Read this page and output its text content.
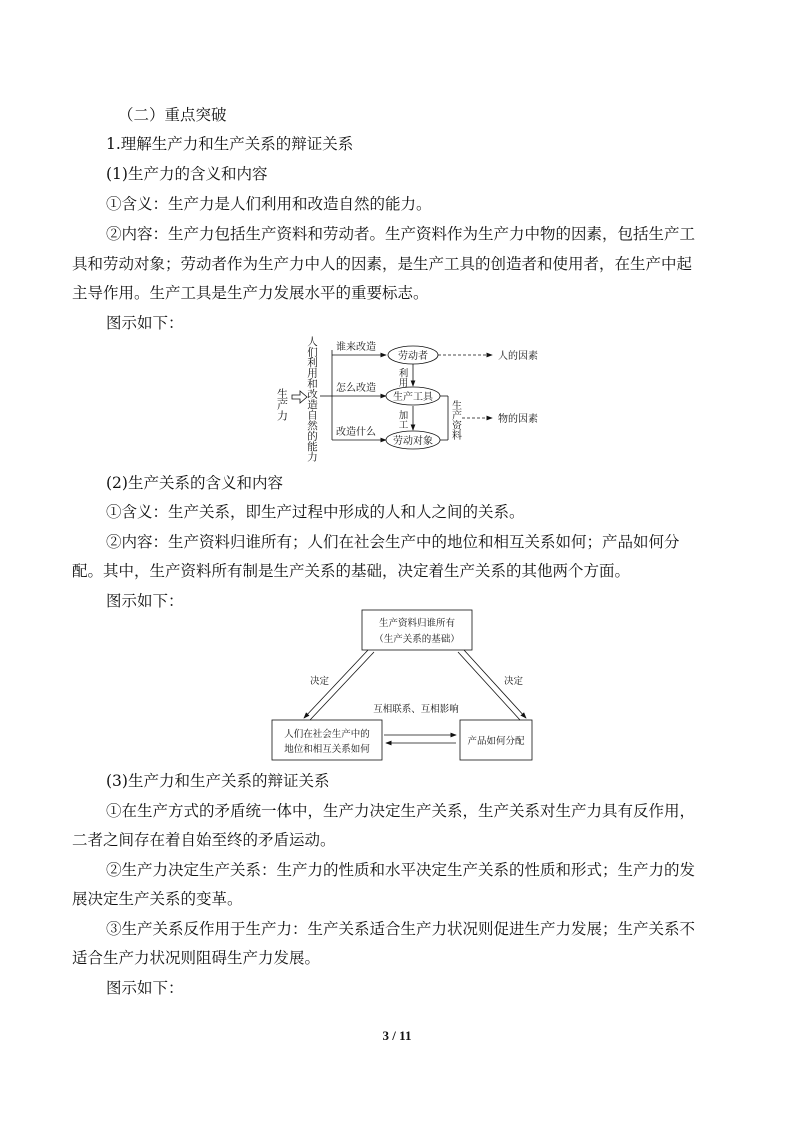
（二）重点突破
1.理解生产力和生产关系的辩证关系
(1)生产力的含义和内容
①含义：生产力是人们利用和改造自然的能力。
②内容：生产力包括生产资料和劳动者。生产资料作为生产力中物的因素，包括生产工
具和劳动对象；劳动者作为生产力中人的因素，是生产工具的创造者和使用者，在生产中起
主导作用。生产工具是生产力发展水平的重要标志。
图示如下：
生产力 人们利用和改造自然的能力 谁来改造
怎么改造
改造什么
劳动者
生产工具
劳动对象
利用
加工	生产资料
人的因素
物的因素
(2)生产关系的含义和内容
①含义：生产关系，即生产过程中形成的人和人之间的关系。
②内容：生产资料归谁所有；人们在社会生产中的地位和相互关系如何；产品如何分
配。其中，生产资料所有制是生产关系的基础，决定着生产关系的其他两个方面。
图示如下：
生产资料归谁所有
（生产关系的基础）
人们在社会生产中的
地位和相互关系如何
产品如何分配
决定	决定
互相联系、互相影响
(3)生产力和生产关系的辩证关系
①在生产方式的矛盾统一体中，生产力决定生产关系，生产关系对生产力具有反作用，
二者之间存在着自始至终的矛盾运动。
②生产力决定生产关系：生产力的性质和水平决定生产关系的性质和形式；生产力的发
展决定生产关系的变革。
③生产关系反作用于生产力：生产关系适合生产力状况则促进生产力发展；生产关系不
适合生产力状况则阻碍生产力发展。
图示如下：
3 / 11
